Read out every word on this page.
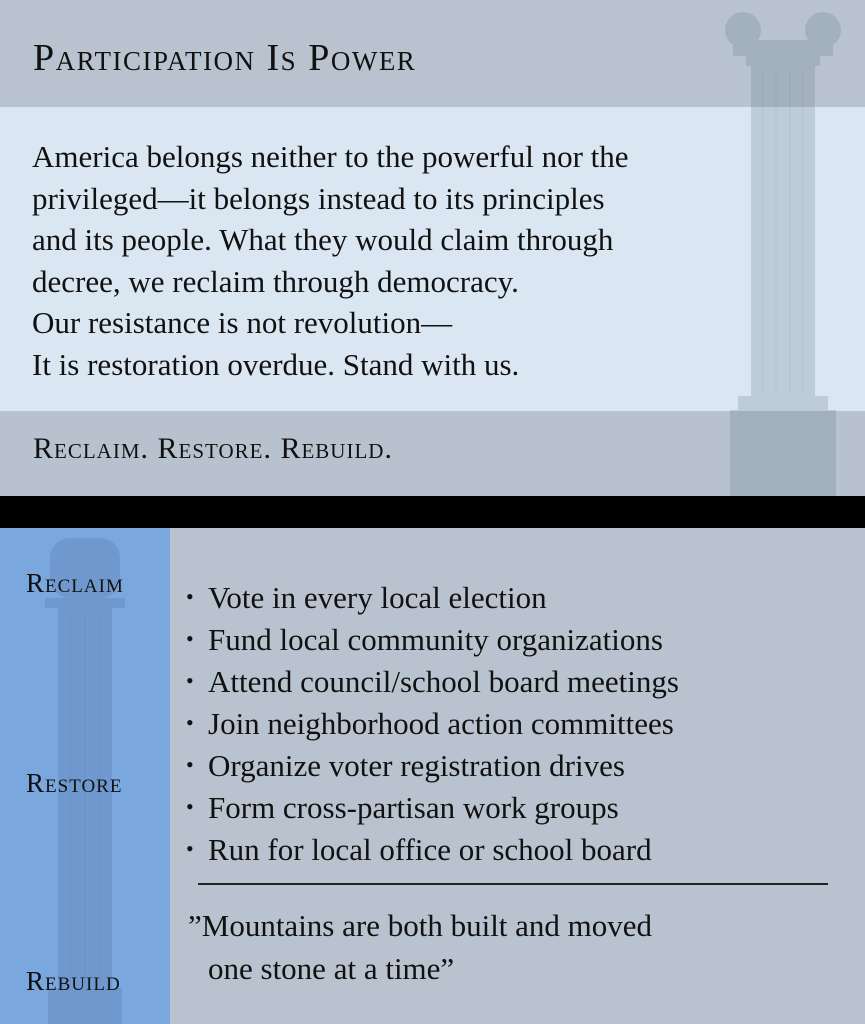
Participation Is Power
America belongs neither to the powerful nor the
privileged—it belongs instead to its principles
and its people. What they would claim through
decree, we reclaim through democracy.
Our resistance is not revolution—
It is restoration overdue. Stand with us.
Reclaim. Restore. Rebuild.
Reclaim
Restore
Rebuild
• Vote in every local election
• Fund local community organizations
• Attend council/school board meetings
• Join neighborhood action committees
• Organize voter registration drives
• Form cross-partisan work groups
• Run for local office or school board
”Mountains are both built and moved
one stone at a time”
